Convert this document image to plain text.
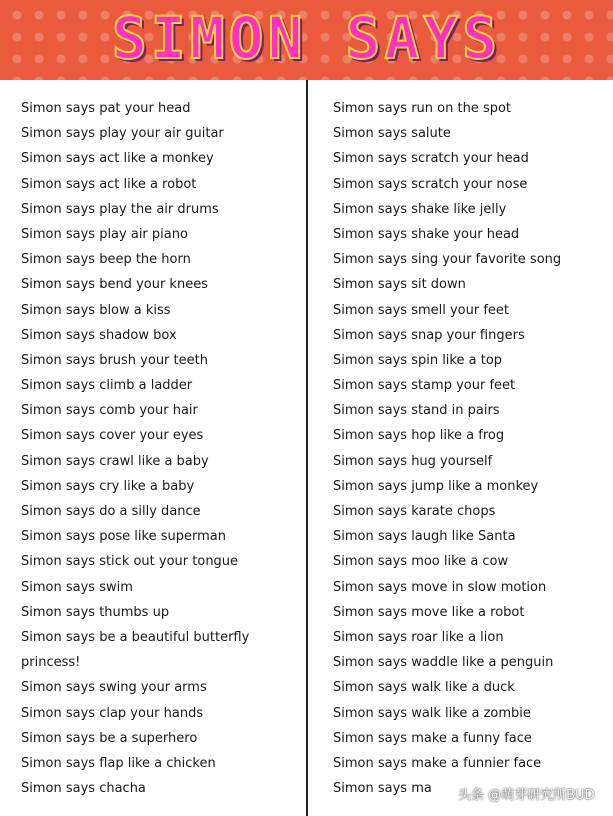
SIMON SAYS
Simon says pat your head
Simon says play your air guitar
Simon says act like a monkey
Simon says act like a robot
Simon says play the air drums
Simon says play air piano
Simon says beep the horn
Simon says bend your knees
Simon says blow a kiss
Simon says shadow box
Simon says brush your teeth
Simon says climb a ladder
Simon says comb your hair
Simon says cover your eyes
Simon says crawl like a baby
Simon says cry like a baby
Simon says do a silly dance
Simon says pose like superman
Simon says stick out your tongue
Simon says swim
Simon says thumbs up
Simon says be a beautiful butterfly
princess!
Simon says swing your arms
Simon says clap your hands
Simon says be a superhero
Simon says flap like a chicken
Simon says chacha
Simon says run on the spot
Simon says salute
Simon says scratch your head
Simon says scratch your nose
Simon says shake like jelly
Simon says shake your head
Simon says sing your favorite song
Simon says sit down
Simon says smell your feet
Simon says snap your fingers
Simon says spin like a top
Simon says stamp your feet
Simon says stand in pairs
Simon says hop like a frog
Simon says hug yourself
Simon says jump like a monkey
Simon says karate chops
Simon says laugh like Santa
Simon says moo like a cow
Simon says move in slow motion
Simon says move like a robot
Simon says roar like a lion
Simon says waddle like a penguin
Simon says walk like a duck
Simon says walk like a zombie
Simon says make a funny face
Simon says make a funnier face
Simon says ma	头条 @萌芽研究所BUD
